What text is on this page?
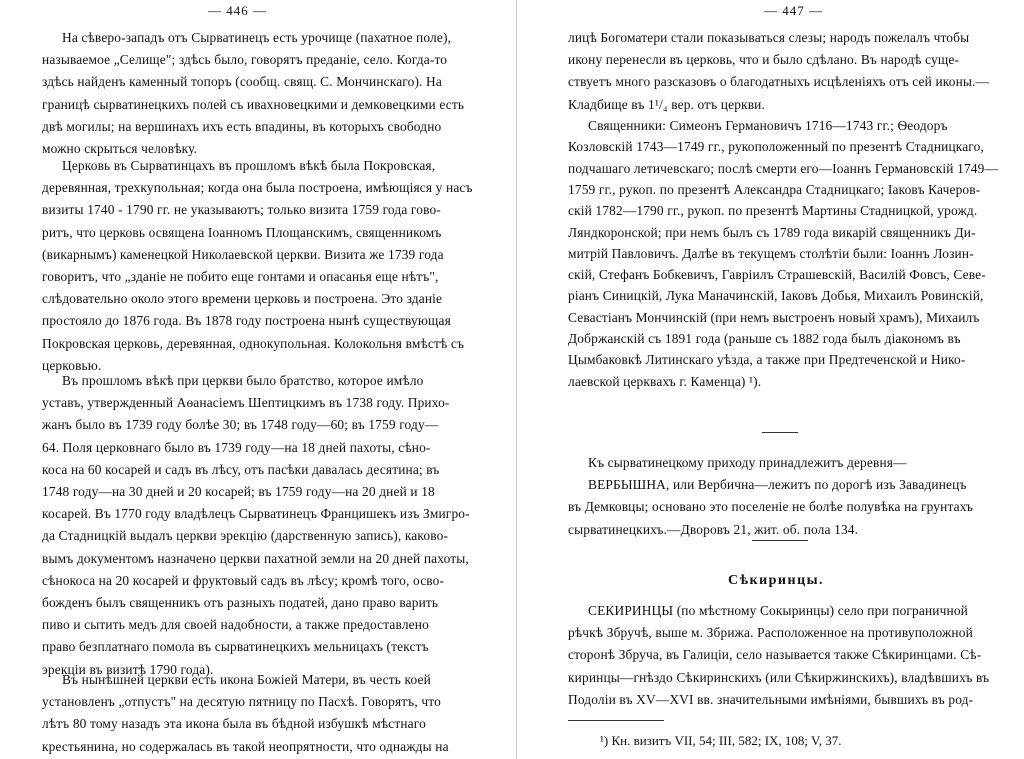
— 446 —
На сѣверо-западъ отъ Сырватинецъ есть урочище (пахатное поле),
называемое „Селище"; здѣсь было, говорятъ преданіе, село. Когда-то
здѣсь найденъ каменный топоръ (сообщ. свящ. С. Мончинскаго). На
границѣ сырватинецкихъ полей съ ивахновецкими и демковецкими есть
двѣ могилы; на вершинахъ ихъ есть впадины, въ которыхъ свободно
можно скрыться человѣку.
Церковь въ Сырватинцахъ въ прошломъ вѣкѣ была Покровская,
деревянная, трехкупольная; когда она была построена, имѣющіяся у насъ
визиты 1740 - 1790 гг. не указываютъ; только визита 1759 года гово-
ритъ, что церковь освящена Іоанномъ Площанскимъ, священникомъ
(викарнымъ) каменецкой Николаевской церкви. Визита же 1739 года
говоритъ, что „зданіе не побито еще гонтами и опасанья еще нѣтъ",
слѣдовательно около этого времени церковь и построена. Это зданіе
простояло до 1876 года. Въ 1878 году построена нынѣ существующая
Покровская церковь, деревянная, однокупольная. Колокольня вмѣстѣ съ
церковью.
Въ прошломъ вѣкѣ при церкви было братство, которое имѣло
уставъ, утвержденный Аѳанасіемъ Шептицкимъ въ 1738 году. Прихо-
жанъ было въ 1739 году болѣе 30; въ 1748 году—60; въ 1759 году—
64. Поля церковнаго было въ 1739 году—на 18 дней пахоты, сѣно-
коса на 60 косарей и садъ въ лѣсу, отъ пасѣки давалась десятина; въ
1748 году—на 30 дней и 20 косарей; въ 1759 году—на 20 дней и 18
косарей. Въ 1770 году владѣлецъ Сырватинецъ Францишекъ изъ Змигро-
да Стадницкій выдалъ церкви эрекцію (дарственную запись), каково-
вымъ документомъ назначено церкви пахатной земли на 20 дней пахоты,
сѣнокоса на 20 косарей и фруктовый садъ въ лѣсу; кромѣ того, осво-
божденъ былъ священникъ отъ разныхъ податей, дано право варить
пиво и сытить медъ для своей надобности, а также предоставлено
право безплатнаго помола въ сырватинецкихъ мельницахъ (текстъ
эрекціи въ визитѣ 1790 года).
Въ нынѣшней церкви есть икона Божіей Матери, въ честь коей
установленъ „отпустъ" на десятую пятницу по Пасхѣ. Говорятъ, что
лѣтъ 80 тому назадъ эта икона была въ бѣдной избушкѣ мѣстнаго
крестьянина, но содержалась въ такой неопрятности, что однажды на
— 447 —
лицѣ Богоматери стали показываться слезы; народъ пожелалъ чтобы
икону перенесли въ церковь, что и было сдѣлано. Въ народѣ суще-
ствуетъ много разсказовъ о благодатныхъ исцѣленіяхъ отъ сей иконы.—
Кладбище въ 1¹/₄ вер. отъ церкви.
Священники: Симеонъ Германовичъ 1716—1743 гг.; Ѳеодоръ
Козловскій 1743—1749 гг., рукоположенный по презентѣ Стадницкаго,
подчашаго летичевскаго; послѣ смерти его—Іоаннъ Германовскій 1749—
1759 гг., рукоп. по презентѣ Александра Стадницкаго; Іаковъ Качеров-
скій 1782—1790 гг., рукоп. по презентѣ Мартины Стадницкой, урожд.
Ляндкоронской; при немъ былъ съ 1789 года викарій священникъ Ди-
митрій Павловичъ. Далѣе въ текущемъ столѣтіи были: Іоаннъ Лозин-
скій, Стефанъ Бобкевичъ, Гавріилъ Страшевскій, Василій Фовсъ, Севе-
ріанъ Синицкій, Лука Маначинскій, Іаковъ Добья, Михаилъ Ровинскій,
Севастіанъ Мончинскій (при немъ выстроенъ новый храмъ), Михаилъ
Добржанскій съ 1891 года (раньше съ 1882 года былъ діакономъ въ
Цымбаковкѣ Литинскаго уѣзда, а также при Предтеченской и Нико-
лаевской церквахъ г. Каменца) ¹).
Къ сырватинецкому приходу принадлежитъ деревня—
ВЕРБЫШНА, или Вербична—лежитъ по дорогѣ изъ Завадинецъ
въ Демковцы; основано это поселеніе не болѣе полувѣка на грунтахъ
сырватинецкихъ.—Дворовъ 21, жит. об. пола 134.
СЕКИРИНЦЫ (по мѣстному Сокыринцы) село при пограничной
рѣчкѣ Збручѣ, выше м. Збрижа. Расположенное на противуположной
сторонѣ Збруча, въ Галиціи, село называется также Сѣкиринцами. Сѣ-
киринцы—гнѣздо Сѣкиринскихъ (или Сѣкиржинскихъ), владѣвшихъ въ
Подоліи въ XV—XVI вв. значительными имѣніями, бывшихъ въ род-
Сѣкиринцы.
¹) Кн. визитъ VII, 54; III, 582; IX, 108; V, 37.
